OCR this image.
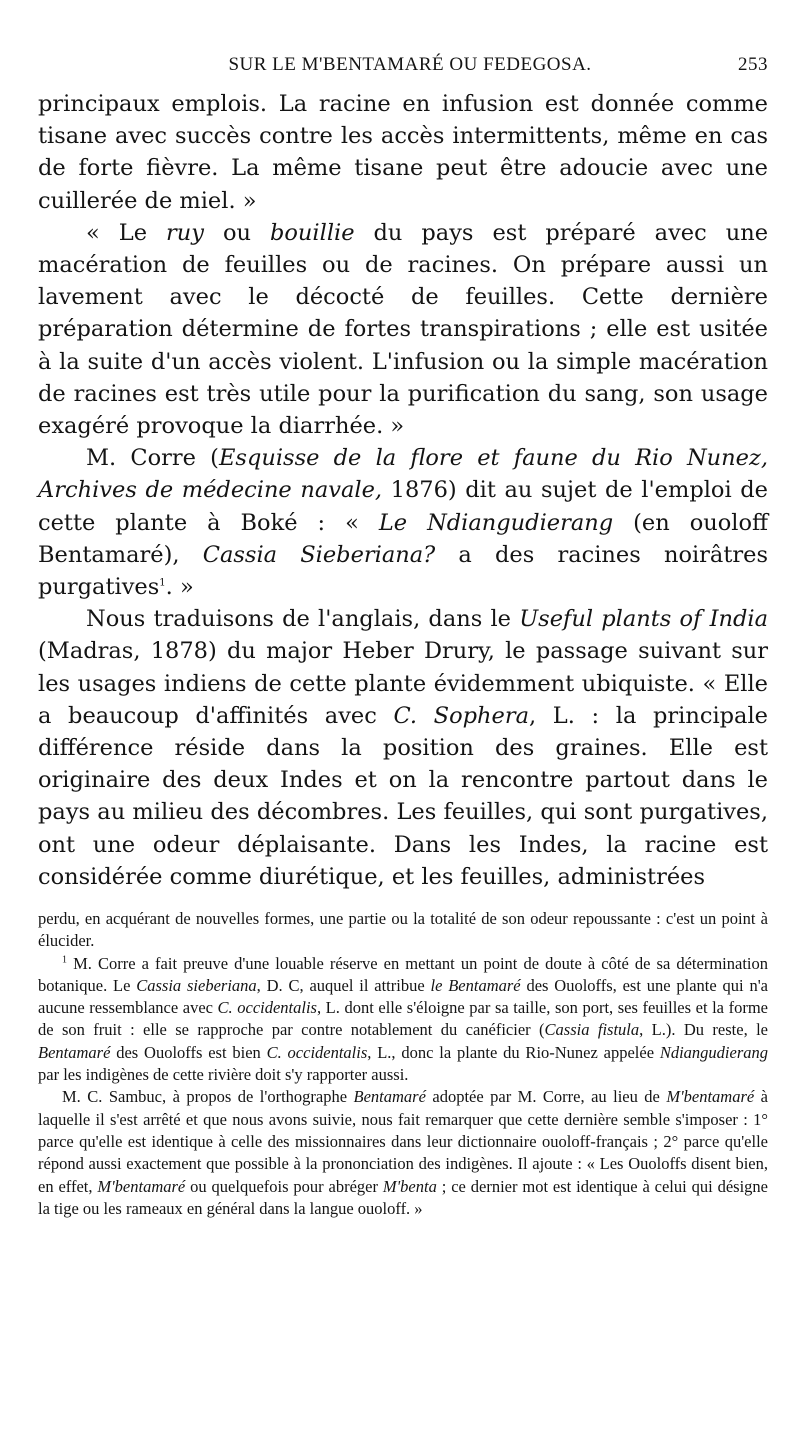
SUR LE M'BENTAMARÉ OU FEDEGOSA.	253

principaux emplois. La racine en infusion est donnée comme tisane avec succès contre les accès intermittents, même en cas de forte fièvre. La même tisane peut être adoucie avec une cuillerée de miel. »

« Le ruy ou bouillie du pays est préparé avec une macération de feuilles ou de racines. On prépare aussi un lavement avec le décocté de feuilles. Cette dernière préparation détermine de fortes transpirations ; elle est usitée à la suite d'un accès violent. L'infusion ou la simple macération de racines est très utile pour la purification du sang, son usage exagéré provoque la diarrhée. »

M. Corre (Esquisse de la flore et faune du Rio Nunez, Archives de médecine navale, 1876) dit au sujet de l'emploi de cette plante à Boké : « Le Ndiangudierang (en ouoloff Bentamaré), Cassia Sieberiana? a des racines noirâtres purgatives$^1$. »

Nous traduisons de l'anglais, dans le Useful plants of India (Madras, 1878) du major Heber Drury, le passage suivant sur les usages indiens de cette plante évidemment ubiquiste. « Elle a beaucoup d'affinités avec C. Sophera, L. : la principale différence réside dans la position des graines. Elle est originaire des deux Indes et on la rencontre partout dans le pays au milieu des décombres. Les feuilles, qui sont purgatives, ont une odeur déplaisante. Dans les Indes, la racine est considérée comme diurétique, et les feuilles, administrées

perdu, en acquérant de nouvelles formes, une partie ou la totalité de son odeur repoussante : c'est un point à élucider.

$^1$ M. Corre a fait preuve d'une louable réserve en mettant un point de doute à côté de sa détermination botanique. Le Cassia sieberiana, D. C, auquel il attribue le Bentamaré des Ouoloffs, est une plante qui n'a aucune ressemblance avec C. occidentalis, L. dont elle s'éloigne par sa taille, son port, ses feuilles et la forme de son fruit : elle se rapproche par contre notablement du canéficier (Cassia fistula, L.). Du reste, le Bentamaré des Ouoloffs est bien C. occidentalis, L., donc la plante du Rio-Nunez appelée Ndiangudierang par les indigènes de cette rivière doit s'y rapporter aussi.

M. C. Sambuc, à propos de l'orthographe Bentamaré adoptée par M. Corre, au lieu de M'bentamaré à laquelle il s'est arrêté et que nous avons suivie, nous fait remarquer que cette dernière semble s'imposer : 1° parce qu'elle est identique à celle des missionnaires dans leur dictionnaire ouoloff-français ; 2° parce qu'elle répond aussi exactement que possible à la prononciation des indigènes. Il ajoute : « Les Ouoloffs disent bien, en effet, M'bentamaré ou quelquefois pour abréger M'benta ; ce dernier mot est identique à celui qui désigne la tige ou les rameaux en général dans la langue ouoloff. »
